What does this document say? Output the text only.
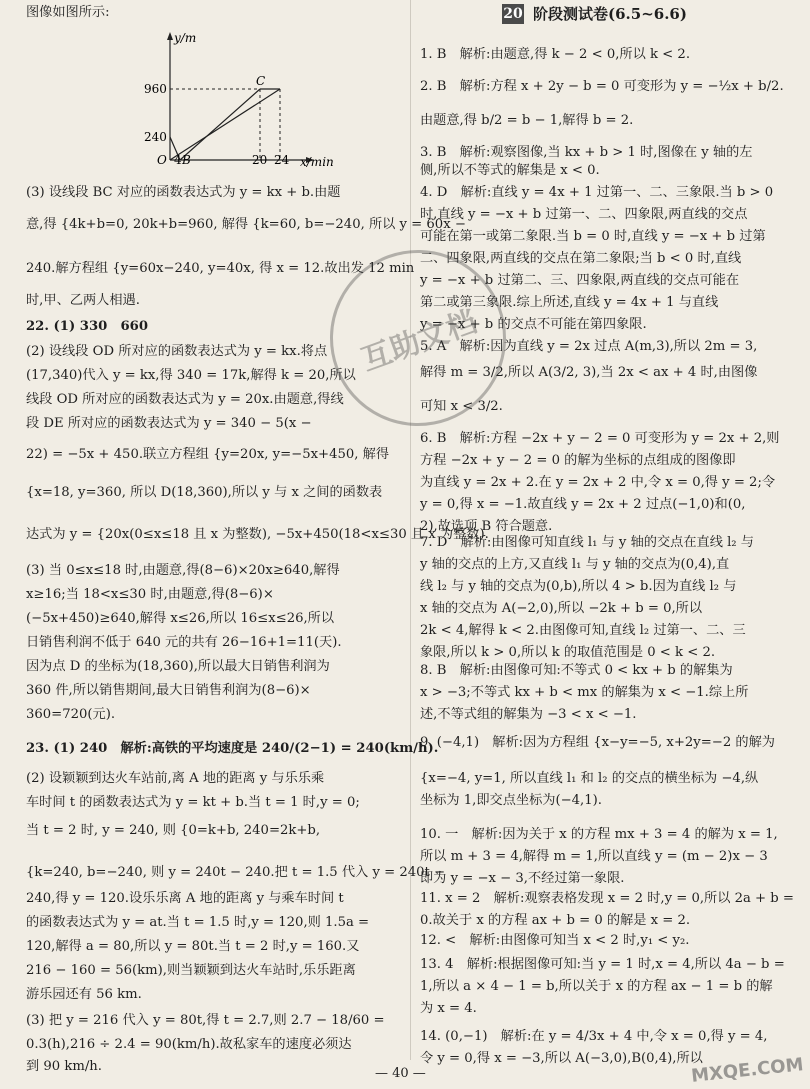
y/m
960
240
O 4 B	20 24
C
x/min
图像如图所示:
(3) 设线段 BC 对应的函数表达式为 y = kx + b.由题
意,得 {4k+b=0, 20k+b=960, 解得 {k=60, b=−240, 所以 y = 60x −
240.解方程组 {y=60x−240, y=40x, 得 x = 12.故出发 12 min
时,甲、乙两人相遇.
22. (1) 330　660
(2) 设线段 OD 所对应的函数表达式为 y = kx.将点
(17,340)代入 y = kx,得 340 = 17k,解得 k = 20,所以
线段 OD 所对应的函数表达式为 y = 20x.由题意,得线
段 DE 所对应的函数表达式为 y = 340 − 5(x −
22) = −5x + 450.联立方程组 {y=20x, y=−5x+450, 解得
{x=18, y=360, 所以 D(18,360),所以 y 与 x 之间的函数表
达式为 y = {20x(0≤x≤18 且 x 为整数), −5x+450(18<x≤30 且 x 为整数).
(3) 当 0≤x≤18 时,由题意,得(8−6)×20x≥640,解得
x≥16;当 18<x≤30 时,由题意,得(8−6)×
(−5x+450)≥640,解得 x≤26,所以 16≤x≤26,所以
日销售利润不低于 640 元的共有 26−16+1=11(天).
因为点 D 的坐标为(18,360),所以最大日销售利润为
360 件,所以销售期间,最大日销售利润为(8−6)×
360=720(元).
23. (1) 240　解析:高铁的平均速度是 240/(2−1) = 240(km/h).
(2) 设颖颖到达火车站前,离 A 地的距离 y 与乐乐乘
车时间 t 的函数表达式为 y = kt + b.当 t = 1 时,y = 0;
当 t = 2 时, y = 240, 则 {0=k+b, 240=2k+b,
{k=240, b=−240, 则 y = 240t − 240.把 t = 1.5 代入 y = 240t −
240,得 y = 120.设乐乐离 A 地的距离 y 与乘车时间 t
的函数表达式为 y = at.当 t = 1.5 时,y = 120,则 1.5a =
120,解得 a = 80,所以 y = 80t.当 t = 2 时,y = 160.又
216 − 160 = 56(km),则当颖颖到达火车站时,乐乐距离
游乐园还有 56 km.
(3) 把 y = 216 代入 y = 80t,得 t = 2.7,则 2.7 − 18/60 =
0.3(h),216 ÷ 2.4 = 90(km/h).故私家车的速度必须达
到 90 km/h.
20 阶段测试卷(6.5~6.6)
1. B　解析:由题意,得 k − 2 < 0,所以 k < 2.
2. B　解析:方程 x + 2y − b = 0 可变形为 y = −½x + b/2.
由题意,得 b/2 = b − 1,解得 b = 2.
3. B　解析:观察图像,当 kx + b > 1 时,图像在 y 轴的左
侧,所以不等式的解集是 x < 0.
4. D　解析:直线 y = 4x + 1 过第一、二、三象限.当 b > 0
时,直线 y = −x + b 过第一、二、四象限,两直线的交点
可能在第一或第二象限.当 b = 0 时,直线 y = −x + b 过第
二、四象限,两直线的交点在第二象限;当 b < 0 时,直线
y = −x + b 过第二、三、四象限,两直线的交点可能在
第二或第三象限.综上所述,直线 y = 4x + 1 与直线
y = −x + b 的交点不可能在第四象限.
5. A　解析:因为直线 y = 2x 过点 A(m,3),所以 2m = 3,
解得 m = 3/2,所以 A(3/2, 3),当 2x < ax + 4 时,由图像
可知 x < 3/2.
6. B　解析:方程 −2x + y − 2 = 0 可变形为 y = 2x + 2,则
方程 −2x + y − 2 = 0 的解为坐标的点组成的图像即
为直线 y = 2x + 2.在 y = 2x + 2 中,令 x = 0,得 y = 2;令
y = 0,得 x = −1.故直线 y = 2x + 2 过点(−1,0)和(0,
2),故选项 B 符合题意.
7. D　解析:由图像可知直线 l₁ 与 y 轴的交点在直线 l₂ 与
y 轴的交点的上方,又直线 l₁ 与 y 轴的交点为(0,4),直
线 l₂ 与 y 轴的交点为(0,b),所以 4 > b.因为直线 l₂ 与
x 轴的交点为 A(−2,0),所以 −2k + b = 0,所以
2k < 4,解得 k < 2.由图像可知,直线 l₂ 过第一、二、三
象限,所以 k > 0,所以 k 的取值范围是 0 < k < 2.
8. B　解析:由图像可知:不等式 0 < kx + b 的解集为
x > −3;不等式 kx + b < mx 的解集为 x < −1.综上所
述,不等式组的解集为 −3 < x < −1.
9. (−4,1)　解析:因为方程组 {x−y=−5, x+2y=−2 的解为
{x=−4, y=1, 所以直线 l₁ 和 l₂ 的交点的横坐标为 −4,纵
坐标为 1,即交点坐标为(−4,1).
10. 一　解析:因为关于 x 的方程 mx + 3 = 4 的解为 x = 1,
所以 m + 3 = 4,解得 m = 1,所以直线 y = (m − 2)x − 3
即为 y = −x − 3,不经过第一象限.
11. x = 2　解析:观察表格发现 x = 2 时,y = 0,所以 2a + b =
0.故关于 x 的方程 ax + b = 0 的解是 x = 2.
12. <　解析:由图像可知当 x < 2 时,y₁ < y₂.
13. 4　解析:根据图像可知:当 y = 1 时,x = 4,所以 4a − b =
1,所以 a × 4 − 1 = b,所以关于 x 的方程 ax − 1 = b 的解
为 x = 4.
14. (0,−1)　解析:在 y = 4/3x + 4 中,令 x = 0,得 y = 4,
令 y = 0,得 x = −3,所以 A(−3,0),B(0,4),所以
互助文档
MXQE.COM
— 40 —
